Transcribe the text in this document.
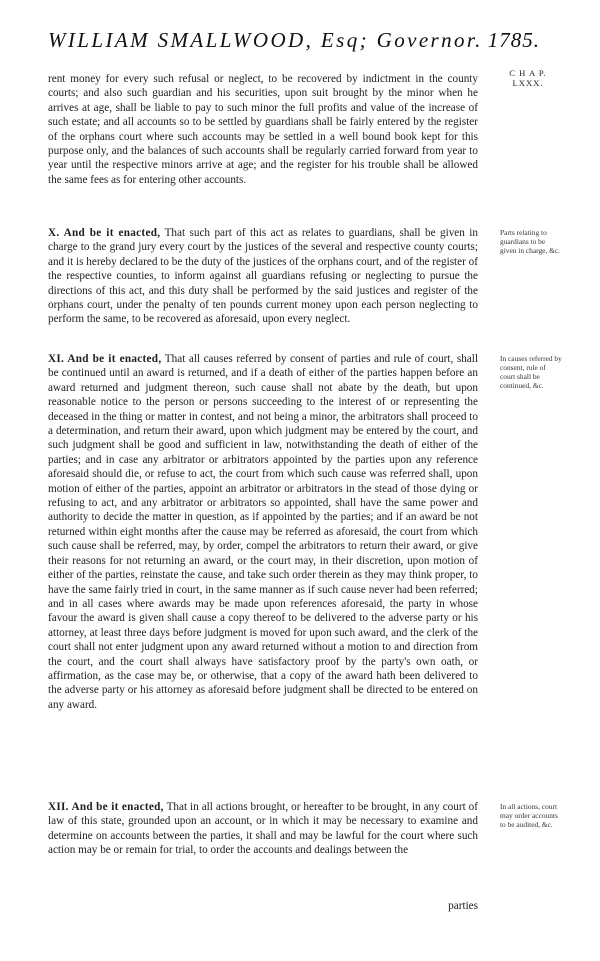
WILLIAM SMALLWOOD, Esq; Governor. 1785.
C H A P.
LXXX.

rent money for every such refusal or neglect, to be recovered by indictment in the county courts; and also such guardian and his securities, upon suit brought by the minor when he arrives at age, shall be liable to pay to such minor the full profits and value of the increase of such estate; and all accounts so to be settled by guardians shall be fairly entered by the register of the orphans court where such accounts may be settled in a well bound book kept for this purpose only, and the balances of such accounts shall be regularly carried forward from year to year until the respective minors arrive at age; and the register for his trouble shall be allowed the same fees as for entering other accounts.

X. And be it enacted, That such part of this act as relates to guardians, shall be given in charge to the grand jury every court by the justices of the several and respective county courts; and it is hereby declared to be the duty of the justices of the orphans court, and of the register of the respective counties, to inform against all guardians refusing or neglecting to pursue the directions of this act, and this duty shall be performed by the said justices and register of the orphans court, under the penalty of ten pounds current money upon each person neglecting to perform the same, to be recovered as aforesaid, upon every neglect.

Parts relating to guardians to be given in charge, &c.

XI. And be it enacted, That all causes referred by consent of parties and rule of court, shall be continued until an award is returned, and if a death of either of the parties happen before an award returned and judgment thereon, such cause shall not abate by the death, but upon reasonable notice to the person or persons succeeding to the interest of or representing the deceased in the thing or matter in contest, and not being a minor, the arbitrators shall proceed to a determination, and return their award, upon which judgment may be entered by the court, and such judgment shall be good and sufficient in law, notwithstanding the death of either of the parties; and in case any arbitrator or arbitrators appointed by the parties upon any reference aforesaid should die, or refuse to act, the court from which such cause was referred shall, upon motion of either of the parties, appoint an arbitrator or arbitrators in the stead of those dying or refusing to act, and any arbitrator or arbitrators so appointed, shall have the same power and authority to decide the matter in question, as if appointed by the parties; and if an award be not returned within eight months after the cause may be referred as aforesaid, the court from which such cause shall be referred, may, by order, compel the arbitrators to return their award, or give their reasons for not returning an award, or the court may, in their discretion, upon motion of either of the parties, reinstate the cause, and take such order therein as they may think proper, to have the same fairly tried in court, in the same manner as if such cause never had been referred; and in all cases where awards may be made upon references aforesaid, the party in whose favour the award is given shall cause a copy thereof to be delivered to the adverse party or his attorney, at least three days before judgment is moved for upon such award, and the clerk of the court shall not enter judgment upon any award returned without a motion to and direction from the court, and the court shall always have satisfactory proof by the party's own oath, or affirmation, as the case may be, or otherwise, that a copy of the award hath been delivered to the adverse party or his attorney as aforesaid before judgment shall be directed to be entered on any award.

In causes referred by consent, rule of court shall be continued, &c.

XII. And be it enacted, That in all actions brought, or hereafter to be brought, in any court of law of this state, grounded upon an account, or in which it may be necessary to examine and determine on accounts between the parties, it shall and may be lawful for the court where such action may be or remain for trial, to order the accounts and dealings between the

In all actions, court may order accounts to be audited, &c.
parties
